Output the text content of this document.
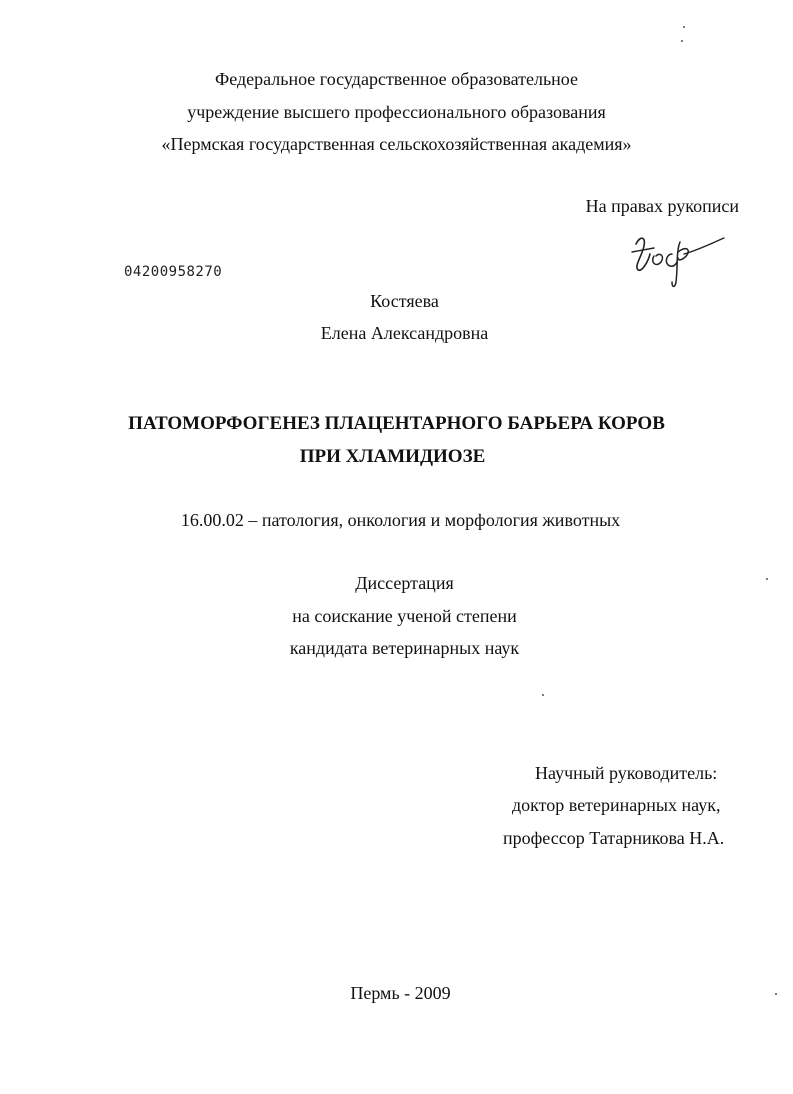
Федеральное государственное образовательное
учреждение высшего профессионального образования
«Пермская государственная сельскохозяйственная академия»
На правах рукописи
04200958270
Костяева
Елена Александровна
ПАТОМОРФОГЕНЕЗ ПЛАЦЕНТАРНОГО БАРЬЕРА КОРОВ
ПРИ ХЛАМИДИОЗЕ
16.00.02 – патология, онкология и морфология животных
Диссертация
на соискание ученой степени
кандидата ветеринарных наук
Научный руководитель:
доктор ветеринарных наук,
профессор Татарникова Н.А.
Пермь - 2009
